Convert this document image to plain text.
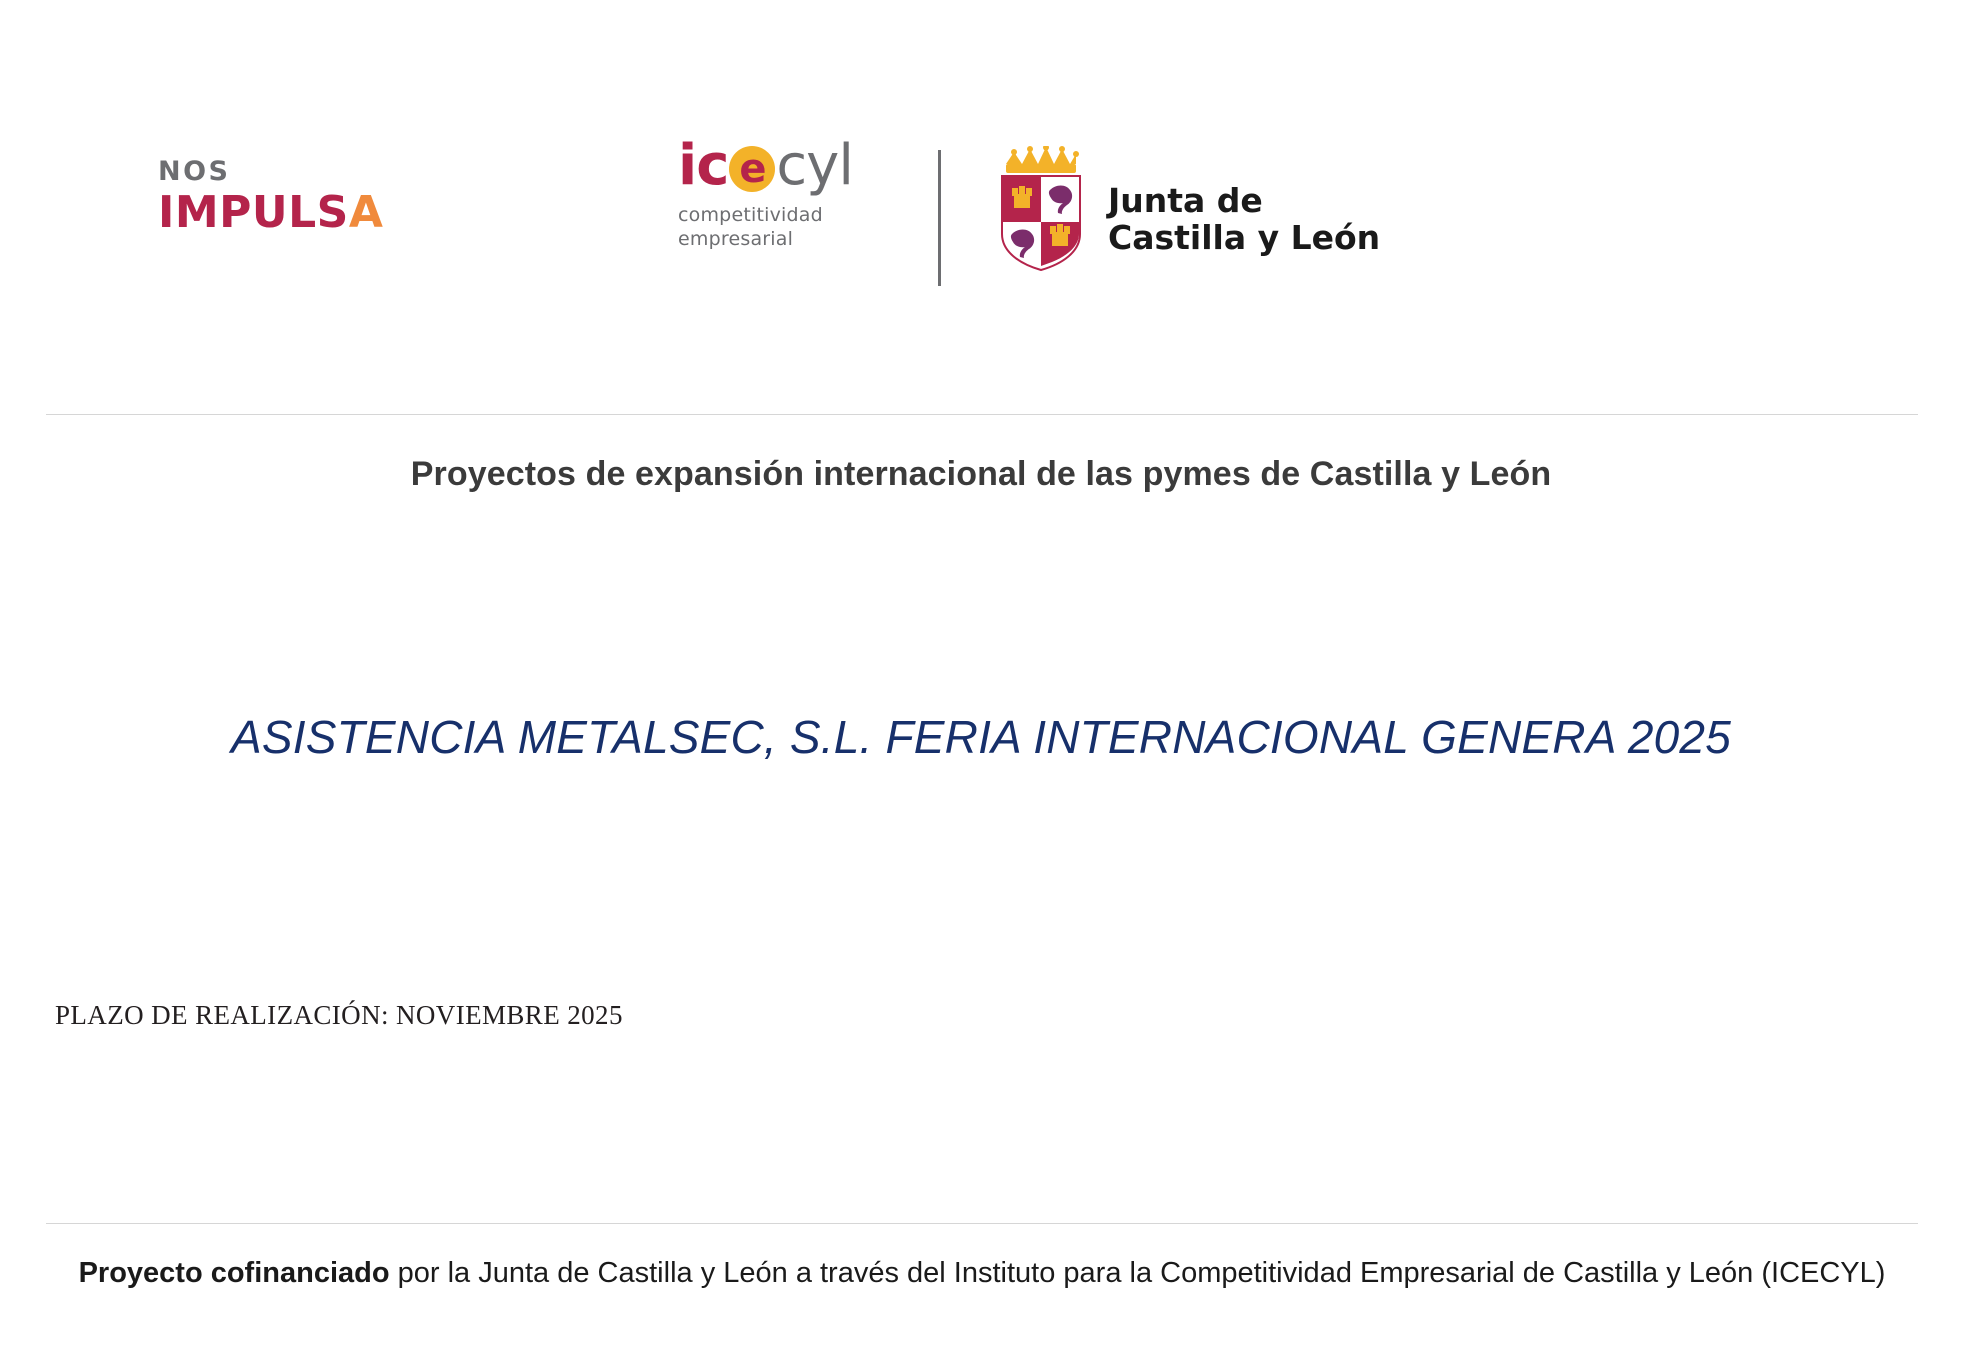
NOS
IMPULSA
ic e cyl
competitividad
empresarial
Junta de
Castilla y León
Proyectos de expansión internacional de las pymes de Castilla y León
ASISTENCIA METALSEC, S.L. FERIA INTERNACIONAL GENERA 2025
PLAZO DE REALIZACIÓN: NOVIEMBRE 2025
Proyecto cofinanciado por la Junta de Castilla y León a través del Instituto para la Competitividad Empresarial de Castilla y León (ICECYL)
